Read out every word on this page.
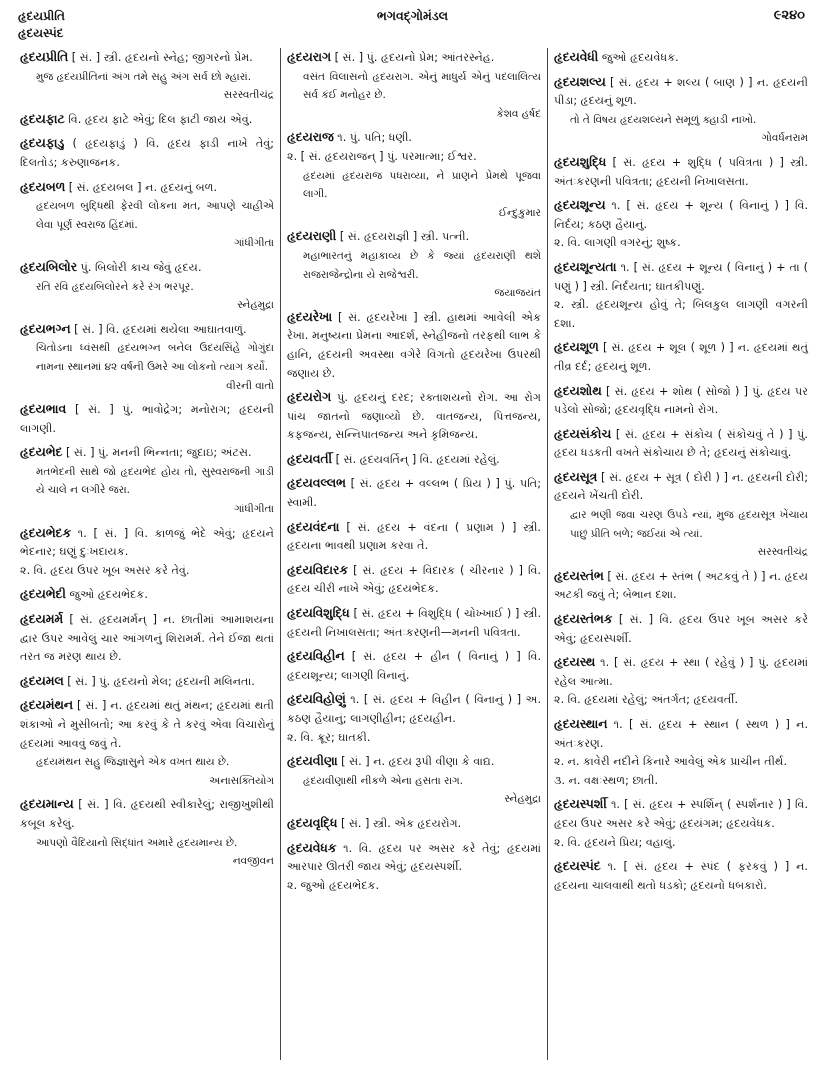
હૃદયપ્રીતિ
હૃદયસ્પંદ
ભગવદ્ગોમંડલ	૯૨૪૦
હૃદયપ્રીતિ [ સં. ] સ્ત્રી. હૃદયનો સ્નેહ; જીગરનો પ્રેમ.
મુજ હૃદયપ્રીતિનાં અંગ તમે સહુ અંગ સર્વ છો મ્હારાં.
સરસ્વતીચંદ્ર
હૃદયફાટ વિ. હૃદય ફાટે એવું; દિલ ફાટી જાય એવું.
હૃદયફાડુ ( હૃદયફાડું ) વિ. હૃદય ફાડી નાખે તેવું; દિલતોડ; કરુણાજનક.
હૃદયબળ [ સં. હૃદયબલ ] ન. હૃદયનું બળ.
હૃદયબળ બુદ્ધિથી ફેરવી લોકના મત, આપણે ચાહીએ લેવા પૂર્ણ સ્વરાજ હિંદમાં.
ગાંધીગીતા
હૃદયબિલોર પું. બિલોરી કાચ જેવું હૃદય.
રતિ રવિ હૃદયબિલોરને કરે રંગ ભરપૂર.
સ્નેહમુદ્રા
હૃદયભગ્ન [ સં. ] વિ. હૃદયમાં થયેલા આઘાતવાળું.
ચિતોડના ધ્વંસથી હૃદયભગ્ન બનેલ ઉદયસિંહે ગોગુંદા નામના સ્થાનમાં ૪૨ વર્ષની ઉમરે આ લોકનો ત્યાગ કર્યો.
વીરની વાતો
હૃદયભાવ [ સં. ] પું. ભાવોદ્રેગ; મનોરાગ; હૃદયની લાગણી.
હૃદયભેદ [ સં. ] પું. મનની ભિન્નતા; જુદાઇ; અંટસ.
મતભેદની સાથે જો હૃદયભેદ હોય તો, સુસ્વરાજની ગાડી યે ચાલે ન લગીરે જરા.
ગાંધીગીતા
હૃદયભેદક ૧. [ સં. ] વિ. કાળજું ભેદે એવું; હૃદયને ભેદનાર; ઘણું દુઃખદાયક.
૨. વિ. હૃદય ઉપર ખૂબ અસર કરે તેવું.
હૃદયભેદી જુઓ હૃદયભેદક.
હૃદયમર્મ [ સં. હૃદયમર્મન્ ] ન. છાતીમાં આમાશયના દ્વાર ઉપર આવેલું ચાર આંગળનું શિરામર્મ. તેને ઈજા થતાં તરત જ મરણ થાય છે.
હૃદયમલ [ સં. ] પું. હૃદયનો મેલ; હૃદયની મલિનતા.
હૃદયમંથન [ સં. ] ન. હૃદયમાં થતું મંથન; હૃદયમાં થતી શંકાઓ ને મુસીબતો; આ કરવું કે તે કરવું એવા વિચારોનું હૃદયમાં આવવું જવું તે.
હૃદયમંથન સહુ જિજ્ઞાસુને એક વખત થાય છે.
અનાસક્તિયોગ
હૃદયમાન્ય [ સં. ] વિ. હૃદયથી સ્વીકારેલું; રાજીખુશીથી કબૂલ કરેલું.
આપણો વૈદિયાનો સિદ્ધાંત અમારે હૃદયમાન્ય છે.
નવજીવન
હૃદયરાગ [ સં. ] પું. હૃદયનો પ્રેમ; આંતરસ્નેહ.
વસંત વિલાસનો હૃદયરાગ. એનું માધુર્ય એનું પદલાલિત્ય સર્વ કંઈ મનોહર છે.
કેશવ હર્ષદ
હૃદયરાજ ૧. પું. પતિ; ધણી.
૨. [ સં. હૃદયરાજન્ ] પું. પરમાત્મા; ઈશ્વર.
હૃદયમાં હૃદયરાજ પધરાવ્યા, ને પ્રાણને પ્રેમથે પૂજવા લાગી.
ઈન્દુકુમાર
હૃદયરાણી [ સં. હૃદયરાજ્ઞી ] સ્ત્રી. પત્ની.
મહાભારતનું મહાકાવ્ય છે કે જ્યાં હૃદયરાણી થશે રાજરાજેન્દ્રોના યે રાજેશ્વરી.
જયાજયંત
હૃદયરેખા [ સં. હૃદયરેખા ] સ્ત્રી. હાથમાં આવેલી એક રેખા. મનુષ્યના પ્રેમના આદર્શ, સ્નેહીજનો તરફથી લાભ કે હાનિ, હૃદયની અવસ્થા વગેરે વિગતો હૃદયરેખા ઉપરથી જણાય છે.
હૃદયરોગ પું. હૃદયનું દરદ; રક્તાશયનો રોગ. આ રોગ પાંચ જાતનો જણાવ્યો છે. વાતજન્ય, પિત્તજન્ય, કફજન્ય, સન્નિપાતજન્ય અને કૃમિજન્ય.
હૃદયવર્તી [ સં. હૃદયવર્તિન્ ] વિ. હૃદયમાં રહેલું.
હૃદયવલ્લભ [ સં. હૃદય + વલ્લભ ( પ્રિય ) ] પું. પતિ; સ્વામી.
હૃદયવંદના [ સં. હૃદય + વંદના ( પ્રણામ ) ] સ્ત્રી. હૃદયના ભાવથી પ્રણામ કરવા તે.
હૃદયવિદારક [ સં. હૃદય + વિદારક ( ચીરનાર ) ] વિ. હૃદય ચીરી નાખે એવું; હૃદયભેદક.
હૃદયવિશુદ્ધિ [ સં. હૃદય + વિશુદ્ધિ ( ચોખ્ખાઈ ) ] સ્ત્રી. હૃદયની નિખાલસતા; અંતઃકરણની—મનની પવિત્રતા.
હૃદયવિહીન [ સં. હૃદય + હીન ( વિનાનું ) ] વિ. હૃદયશૂન્ય; લાગણી વિનાનું.
હૃદયવિહોણું ૧. [ સં. હૃદય + વિહીન ( વિનાનું ) ] અ. કઠણ હૈયાનું; લાગણીહીન; હૃદયહીન.
૨. વિ. ક્રૂર; ઘાતકી.
હૃદયવીણા [ સં. ] ન. હૃદય રૂપી વીણા કે વાદ્ય.
હૃદયવીણાથી નીકળે એના હસતા રાગ.
સ્નેહમુદ્રા
હૃદયવૃદ્ધિ [ સં. ] સ્ત્રી. એક હૃદયરોગ.
હૃદયવેધક ૧. વિ. હૃદય પર અસર કરે તેવું; હૃદયમાં આરપાર ઊતરી જાય એવું; હૃદયસ્પર્શી.
૨. જુઓ હૃદયભેદક.
હૃદયવેધી જુઓ હૃદયવેધક.
હૃદયશલ્ય [ સં. હૃદય + શલ્ય ( બાણ ) ] ન. હૃદયની પીડા; હૃદયનું શૂળ.
તો તે વિષય હૃદયશલ્યને સમૂળું ક્હાડી નાખો.
ગોવર્ધનરામ
હૃદયશુદ્ધિ [ સં. હૃદય + શુદ્ધિ ( પવિત્રતા ) ] સ્ત્રી. અંતઃકરણની પવિત્રતા; હૃદયની નિખાલસતા.
હૃદયશૂન્ય ૧. [ સં. હૃદય + શૂન્ય ( વિનાનું ) ] વિ. નિર્દય; કઠણ હૈયાનું.
૨. વિ. લાગણી વગરનું; શુષ્ક.
હૃદયશૂન્યતા ૧. [ સં. હૃદય + શૂન્ય ( વિનાનું ) + તા ( પણું ) ] સ્ત્રી. નિર્દયતા; ઘાતકીપણું.
૨. સ્ત્રી. હૃદયશૂન્ય હોવું તે; બિલકુલ લાગણી વગરની દશા.
હૃદયશૂળ [ સં. હૃદય + શૂલ ( શૂળ ) ] ન. હૃદયમાં થતું તીવ્ર દર્દ; હૃદયનું શૂળ.
હૃદયશોથ [ સં. હૃદય + શોથ ( સોજો ) ] પું. હૃદય પર પડેલો સોજો; હૃદયવૃદ્ધિ નામનો રોગ.
હૃદયસંકોચ [ સં. હૃદય + સંકોચ ( સંકોચવું તે ) ] પું. હૃદય ધડકતી વખતે સંકોચાય છે તે; હૃદયનું સંકોચાવું.
હૃદયસૂત્ર [ સં. હૃદય + સૂત્ર ( દોરી ) ] ન. હૃદયની દોરી; હૃદયને ખેંચતી દોરી.
દ્વાર ભણી જવા ચરણ ઉપડે ન્યાં, મુજ હૃદયસૂત્ર ખેંચાય પાછું પ્રીતિ બળે; જઈયાં એ ત્યાં.
સરસ્વતીચંદ્ર
હૃદયસ્તંભ [ સં. હૃદય + સ્તંભ ( અટકવું તે ) ] ન. હૃદય અટકી જવું તે; બેભાન દશા.
હૃદયસ્તંભક [ સં. ] વિ. હૃદય ઉપર ખૂબ અસર કરે એવું; હૃદયસ્પર્શી.
હૃદયસ્થ ૧. [ સં. હૃદય + સ્થા ( રહેવું ) ] પું. હૃદયમાં રહેલ આત્મા.
૨. વિ. હૃદયમાં રહેલું; અંતર્ગત; હૃદયવર્તી.
હૃદયસ્થાન ૧. [ સં. હૃદય + સ્થાન ( સ્થળ ) ] ન. અંતઃકરણ.
૨. ન. કાવેરી નદીને કિનારે આવેલું એક પ્રાચીન તીર્થ.
૩. ન. વક્ષઃસ્થળ; છાતી.
હૃદયસ્પર્શી ૧. [ સં. હૃદય + સ્પર્શિન્ ( સ્પર્શનાર ) ] વિ. હૃદય ઉપર અસર કરે એવું; હૃદયંગમ; હૃદયવેધક.
૨. વિ. હૃદયને પ્રિય; વહાલું.
હૃદયસ્પંદ ૧. [ સં. હૃદય + સ્પંદ ( ફરકવું ) ] ન. હૃદયના ચાલવાથી થતો ધડકો; હૃદયનો ધબકારો.
